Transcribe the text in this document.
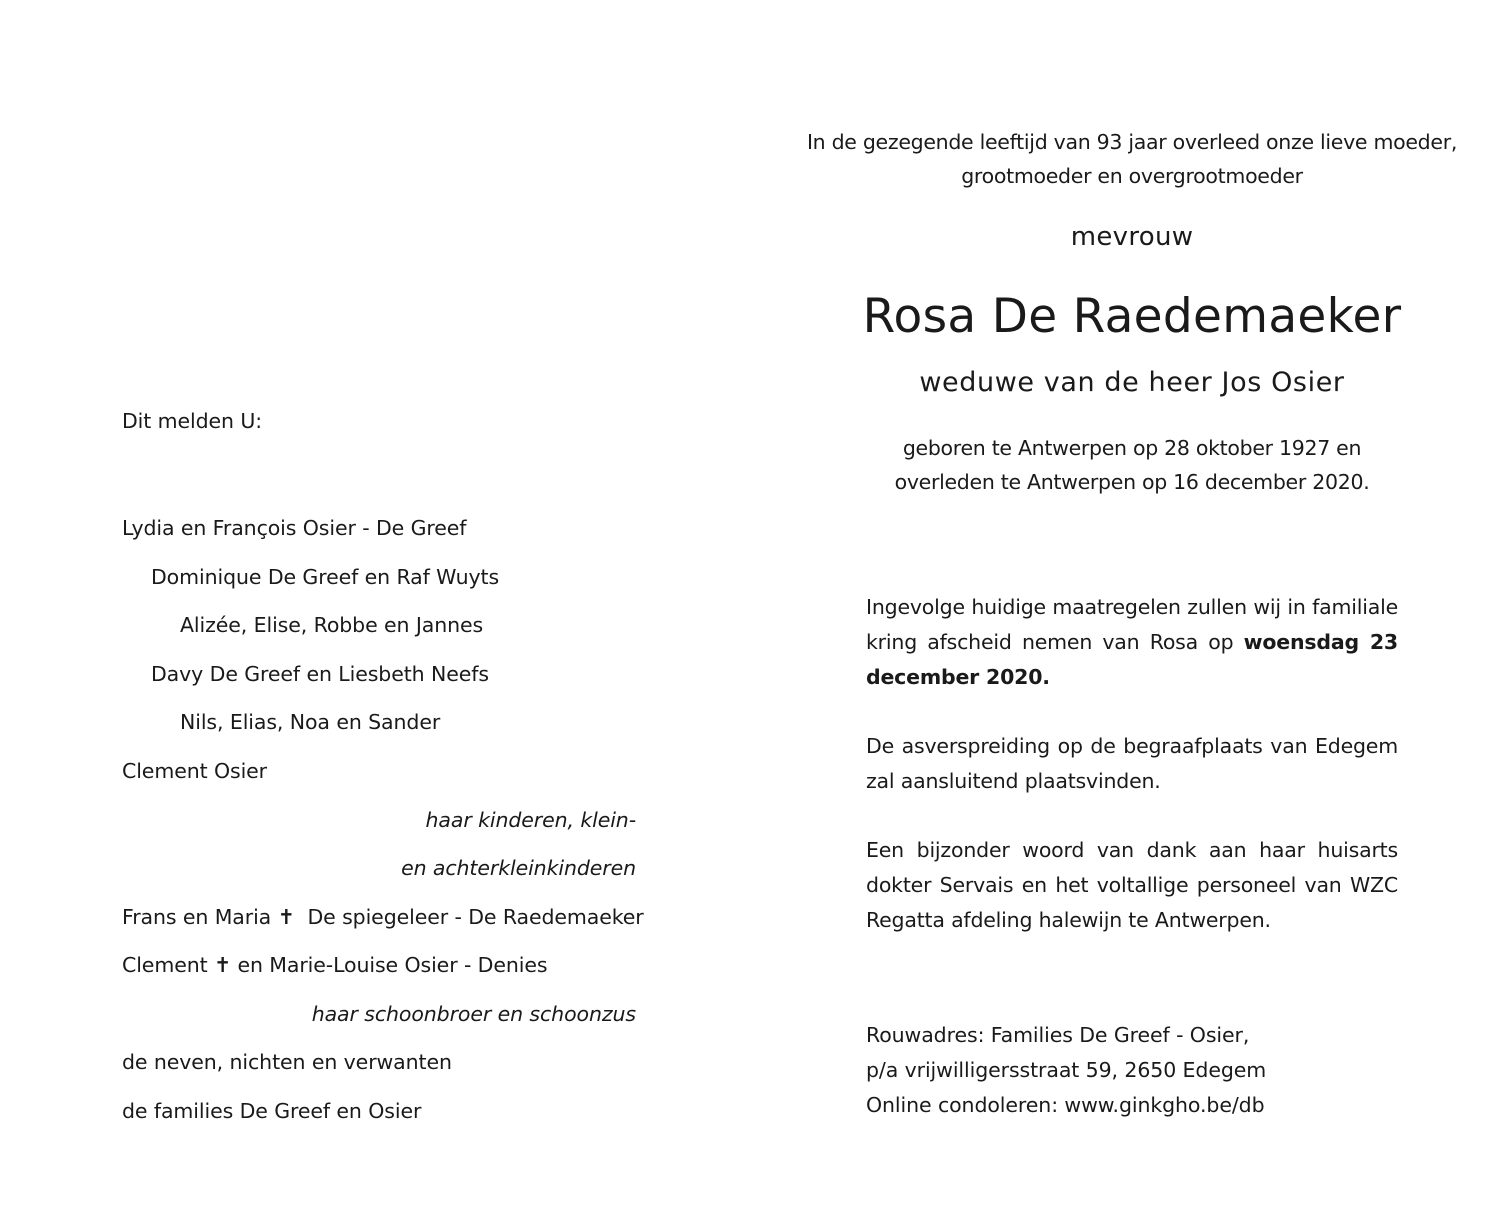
Dit melden U:
Lydia en François Osier - De Greef
Dominique De Greef en Raf Wuyts
Alizée, Elise, Robbe en Jannes
Davy De Greef en Liesbeth Neefs
Nils, Elias, Noa en Sander
Clement Osier
haar kinderen, klein-
en achterkleinkinderen
Frans en Maria ✝ De spiegeleer - De Raedemaeker
Clement ✝ en Marie-Louise Osier - Denies
haar schoonbroer en schoonzus
de neven, nichten en verwanten
de families De Greef en Osier
In de gezegende leeftijd van 93 jaar overleed onze lieve moeder,
grootmoeder en overgrootmoeder
mevrouw
Rosa De Raedemaeker
weduwe van de heer Jos Osier
geboren te Antwerpen op 28 oktober 1927 en
overleden te Antwerpen op 16 december 2020.
Ingevolge huidige maatregelen zullen wij in familiale kring afscheid nemen van Rosa op woensdag 23 december 2020.
De asverspreiding op de begraafplaats van Edegem zal aansluitend plaatsvinden.
Een bijzonder woord van dank aan haar huisarts dokter Servais en het voltallige personeel van WZC Regatta afdeling halewijn te Antwerpen.
Rouwadres: Families De Greef - Osier,
p/a vrijwilligersstraat 59, 2650 Edegem
Online condoleren: www.ginkgho.be/db
